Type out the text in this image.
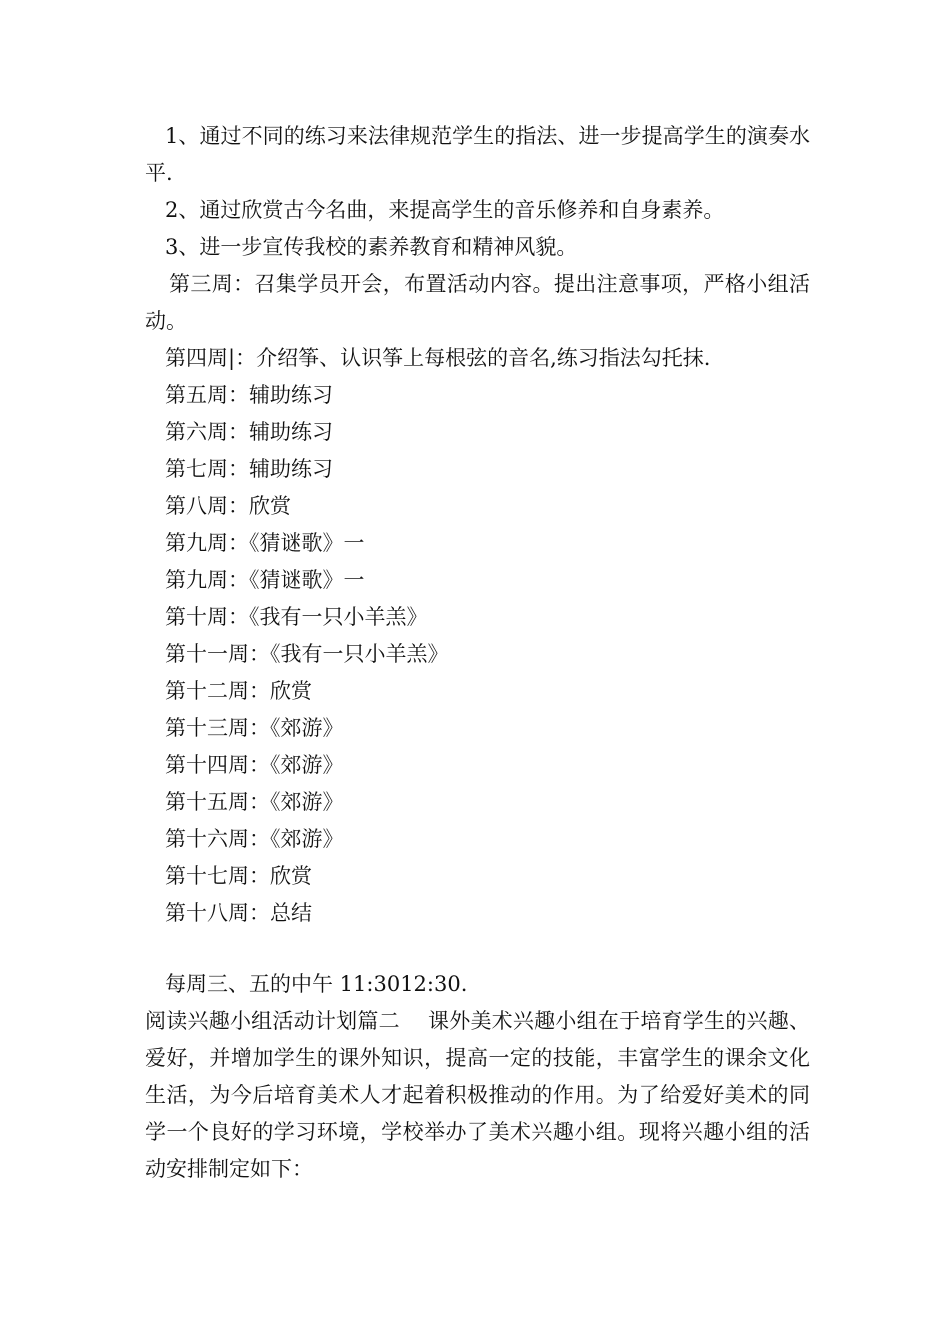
1、通过不同的练习来法律规范学生的指法、进一步提高学生的演奏水平.

2、通过欣赏古今名曲，来提高学生的音乐修养和自身素养。

3、进一步宣传我校的素养教育和精神风貌。

第三周：召集学员开会，布置活动内容。提出注意事项，严格小组活动。

第四周|：介绍筝、认识筝上每根弦的音名,练习指法勾托抹.

第五周：辅助练习

第六周：辅助练习

第七周：辅助练习

第八周：欣赏

第九周：《猜谜歌》一

第九周：《猜谜歌》一

第十周：《我有一只小羊羔》

第十一周：《我有一只小羊羔》

第十二周：欣赏

第十三周：《郊游》

第十四周：《郊游》

第十五周：《郊游》

第十六周：《郊游》

第十七周：欣赏

第十八周：总结

每周三、五的中午 11:3012:30.

阅读兴趣小组活动计划篇二　 课外美术兴趣小组在于培育学生的兴趣、爱好，并增加学生的课外知识，提高一定的技能，丰富学生的课余文化生活，为今后培育美术人才起着积极推动的作用。为了给爱好美术的同学一个良好的学习环境，学校举办了美术兴趣小组。现将兴趣小组的活动安排制定如下：
